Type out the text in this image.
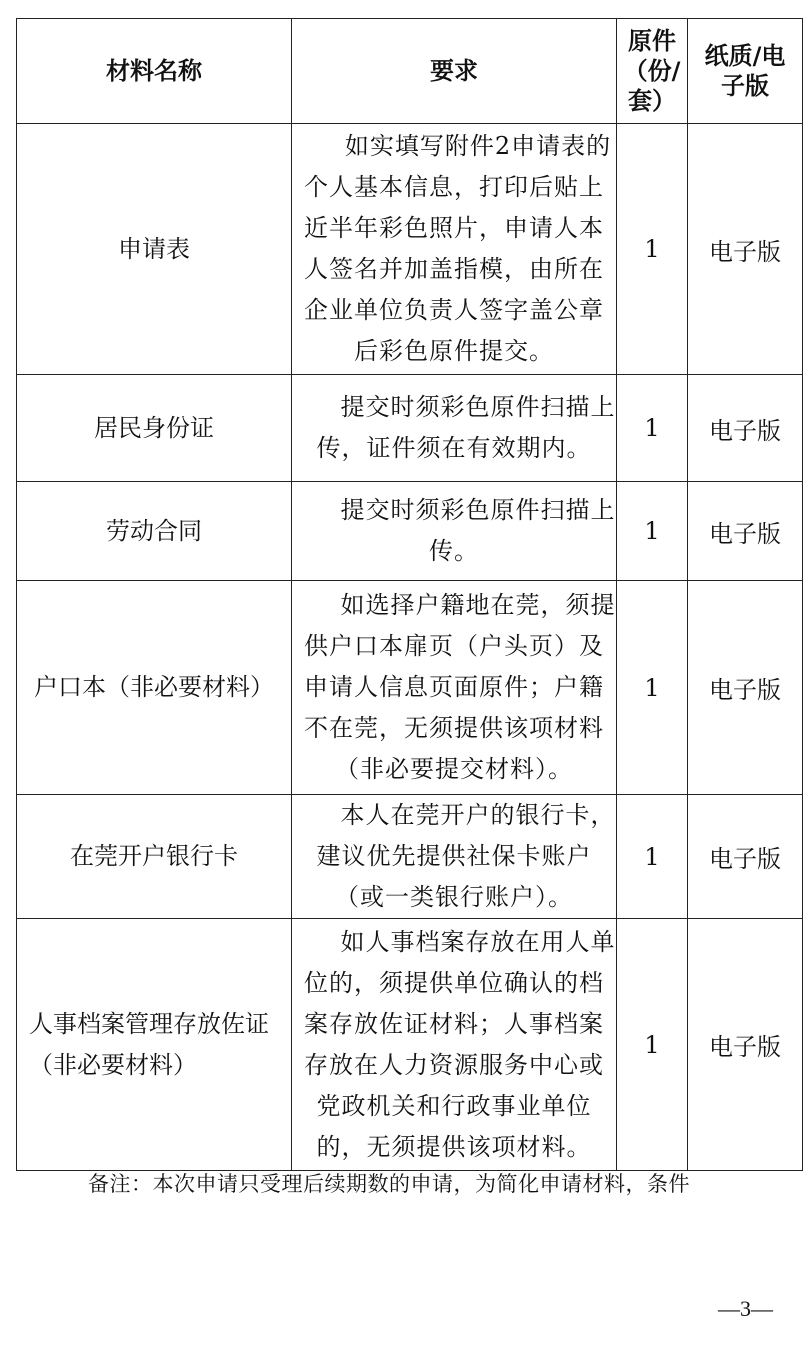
材料名称	要求	原件（份/套）	纸质/电子版
申请表	如实填写附件2申请表的个人基本信息，打印后贴上近半年彩色照片，申请人本人签名并加盖指模，由所在企业单位负责人签字盖公章后彩色原件提交。	1	电子版
居民身份证	提交时须彩色原件扫描上传，证件须在有效期内。	1	电子版
劳动合同	提交时须彩色原件扫描上传。	1	电子版
户口本（非必要材料）	如选择户籍地在莞，须提供户口本扉页（户头页）及申请人信息页面原件；户籍不在莞，无须提供该项材料（非必要提交材料）。	1	电子版
在莞开户银行卡	本人在莞开户的银行卡，建议优先提供社保卡账户（或一类银行账户）。	1	电子版
人事档案管理存放佐证（非必要材料）	如人事档案存放在用人单位的，须提供单位确认的档案存放佐证材料；人事档案存放在人力资源服务中心或党政机关和行政事业单位的，无须提供该项材料。	1	电子版
备注：本次申请只受理后续期数的申请，为简化申请材料，条件
—3—
